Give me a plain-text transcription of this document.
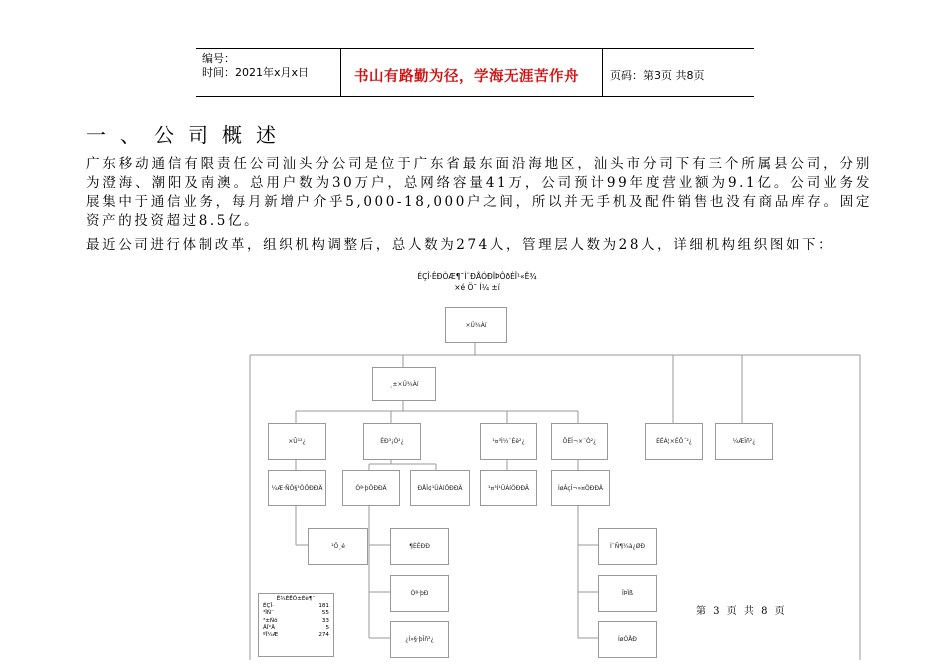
编号：
时间：2021年x月x日	书山有路勤为径，学海无涯苦作舟	页码：第3页 共8页
一、公司概述
广东移动通信有限责任公司汕头分公司是位于广东省最东面沿海地区，汕头市分司下有三个所属县公司，分别为澄海、潮阳及南澳。总用户数为30万户，总网络容量41万，公司预计99年度营业额为9.1亿。公司业务发展集中于通信业务，每月新增户介乎5,000-18,000户之间，所以并无手机及配件销售也没有商品库存。固定资产的投资超过8.5亿。
最近公司进行体制改革，组织机构调整后，总人数为274人，管理层人数为28人，详细机构组织图如下：
ÉÇÎ·ÊÐÒÆ¶¯Í¨ÐÅÓÐÏÞÔðÈÎ¹«Ë¾
×é Ö¯ Í¼ ±í
×Ü¾Àí
¸±×Ü¾Àí
×Û¹²¿	ÊÐ³¡Ó²¿	¹¤³Ì½¨Éè²¿	ÔËÎ¬×¨Ò²¿	ÈËÁ¦×ÊÔ´²¿	¼ÆÎñ²¿
¼Æ·ÑÖ§³ÖÖÐÐÄ	Óª·þÖÐÐÄ	ÐÅÏ¢¹ÜÀíÖÐÐÄ	¹¤³Ì¹ÜÀíÖÐÐÄ	ÍøÂçÎ¬»¤ÖÐÐÄ
¹Ö¸é	¶ÈÊÐÐ
Óª·þÐ
¿Í»§·þÎñ²¿
Í¨Ñ¶¼à¿ØÐ
ÎÞÏß
ÍøÓÅÐ
Ë¾ÈËÔ±Éè¶¨
ÉÇÎ·	181
³ÎÑ¨	55
³±Ñô	33
ÄÏ°Ä	5
ºÏ¼Æ	274
第 3 页 共 8 页
